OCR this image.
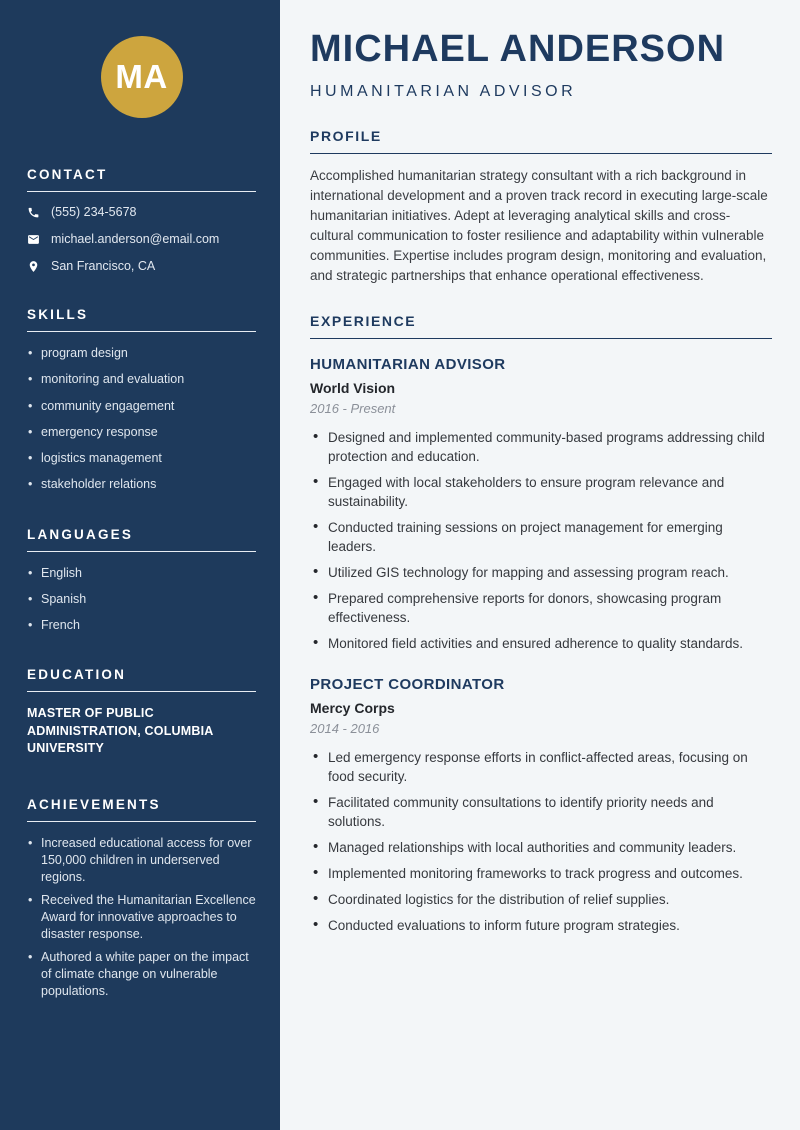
MA
CONTACT
(555) 234-5678
michael.anderson@email.com
San Francisco, CA
SKILLS
• program design
• monitoring and evaluation
• community engagement
• emergency response
• logistics management
• stakeholder relations
LANGUAGES
• English
• Spanish
• French
EDUCATION
MASTER OF PUBLIC ADMINISTRATION, COLUMBIA UNIVERSITY
ACHIEVEMENTS
• Increased educational access for over 150,000 children in underserved regions.
• Received the Humanitarian Excellence Award for innovative approaches to disaster response.
• Authored a white paper on the impact of climate change on vulnerable populations.
MICHAEL ANDERSON
HUMANITARIAN ADVISOR
PROFILE

Accomplished humanitarian strategy consultant with a rich background in international development and a proven track record in executing large-scale humanitarian initiatives. Adept at leveraging analytical skills and cross-cultural communication to foster resilience and adaptability within vulnerable communities. Expertise includes program design, monitoring and evaluation, and strategic partnerships that enhance operational effectiveness.

EXPERIENCE
HUMANITARIAN ADVISOR
World Vision
2016 - Present
• Designed and implemented community-based programs addressing child protection and education.
• Engaged with local stakeholders to ensure program relevance and sustainability.
• Conducted training sessions on project management for emerging leaders.
• Utilized GIS technology for mapping and assessing program reach.
• Prepared comprehensive reports for donors, showcasing program effectiveness.
• Monitored field activities and ensured adherence to quality standards.
PROJECT COORDINATOR
Mercy Corps
2014 - 2016
• Led emergency response efforts in conflict-affected areas, focusing on food security.
• Facilitated community consultations to identify priority needs and solutions.
• Managed relationships with local authorities and community leaders.
• Implemented monitoring frameworks to track progress and outcomes.
• Coordinated logistics for the distribution of relief supplies.
• Conducted evaluations to inform future program strategies.
